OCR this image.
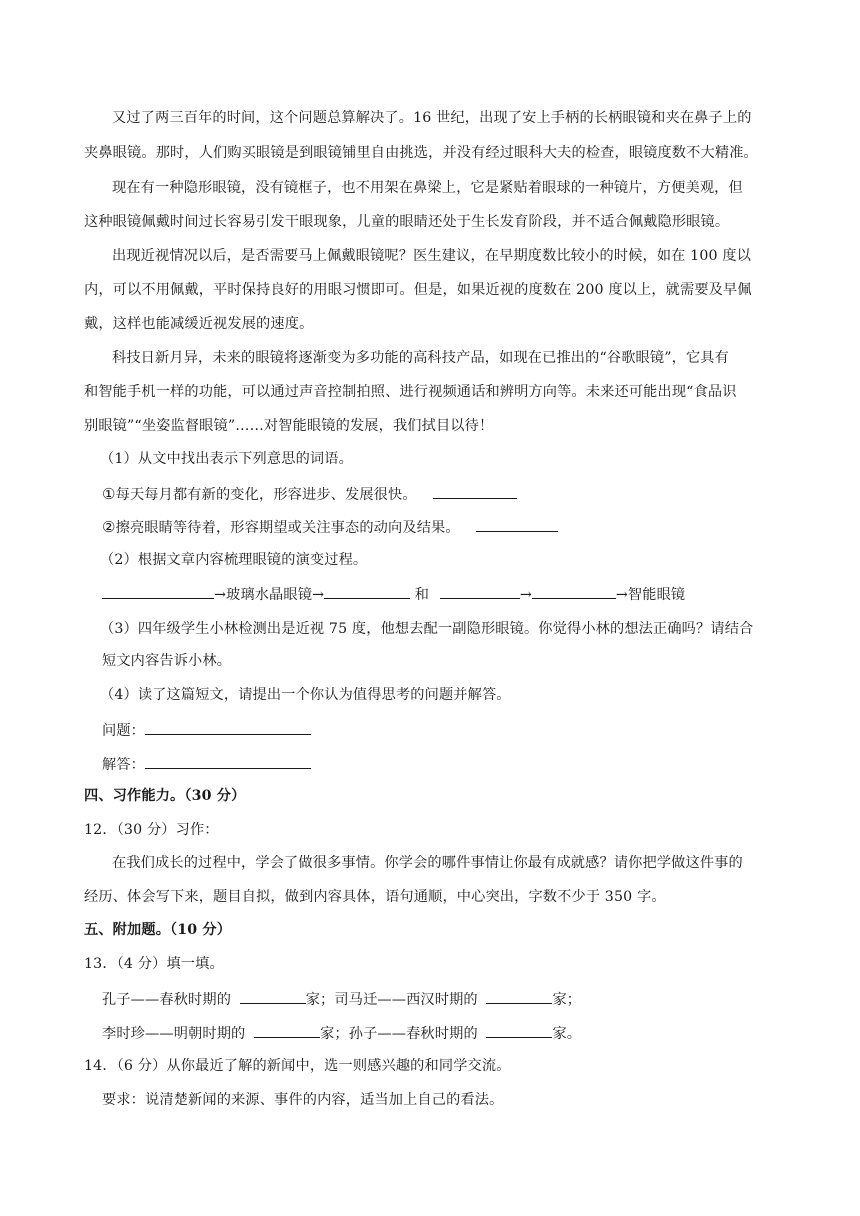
又过了两三百年的时间，这个问题总算解决了。16 世纪，出现了安上手柄的长柄眼镜和夹在鼻子上的
夹鼻眼镜。那时，人们购买眼镜是到眼镜铺里自由挑选，并没有经过眼科大夫的检查，眼镜度数不大精准。
现在有一种隐形眼镜，没有镜框子，也不用架在鼻梁上，它是紧贴着眼球的一种镜片，方便美观，但
这种眼镜佩戴时间过长容易引发干眼现象，儿童的眼睛还处于生长发育阶段，并不适合佩戴隐形眼镜。
出现近视情况以后，是否需要马上佩戴眼镜呢？医生建议，在早期度数比较小的时候，如在 100 度以
内，可以不用佩戴，平时保持良好的用眼习惯即可。但是，如果近视的度数在 200 度以上，就需要及早佩
戴，这样也能减缓近视发展的速度。
科技日新月异，未来的眼镜将逐渐变为多功能的高科技产品，如现在已推出的“谷歌眼镜”，它具有
和智能手机一样的功能，可以通过声音控制拍照、进行视频通话和辨明方向等。未来还可能出现“食品识
别眼镜”“坐姿监督眼镜”……对智能眼镜的发展，我们拭目以待！
（1）从文中找出表示下列意思的词语。
①每天每月都有新的变化，形容进步、发展很快。
②擦亮眼睛等待着，形容期望或关注事态的动向及结果。
（2）根据文章内容梳理眼镜的演变过程。
→玻璃水晶眼镜→	和	→	→智能眼镜
（3）四年级学生小林检测出是近视 75 度，他想去配一副隐形眼镜。你觉得小林的想法正确吗？请结合
短文内容告诉小林。
（4）读了这篇短文，请提出一个你认为值得思考的问题并解答。
问题：
解答：
四、习作能力。（30 分）
12．（30 分）习作：
在我们成长的过程中，学会了做很多事情。你学会的哪件事情让你最有成就感？请你把学做这件事的
经历、体会写下来，题目自拟，做到内容具体，语句通顺，中心突出，字数不少于 350 字。
五、附加题。（10 分）
13．（4 分）填一填。
孔子——春秋时期的	家；司马迁——西汉时期的	家；
李时珍——明朝时期的	家；孙子——春秋时期的	家。
14．（6 分）从你最近了解的新闻中，选一则感兴趣的和同学交流。
要求：说清楚新闻的来源、事件的内容，适当加上自己的看法。
